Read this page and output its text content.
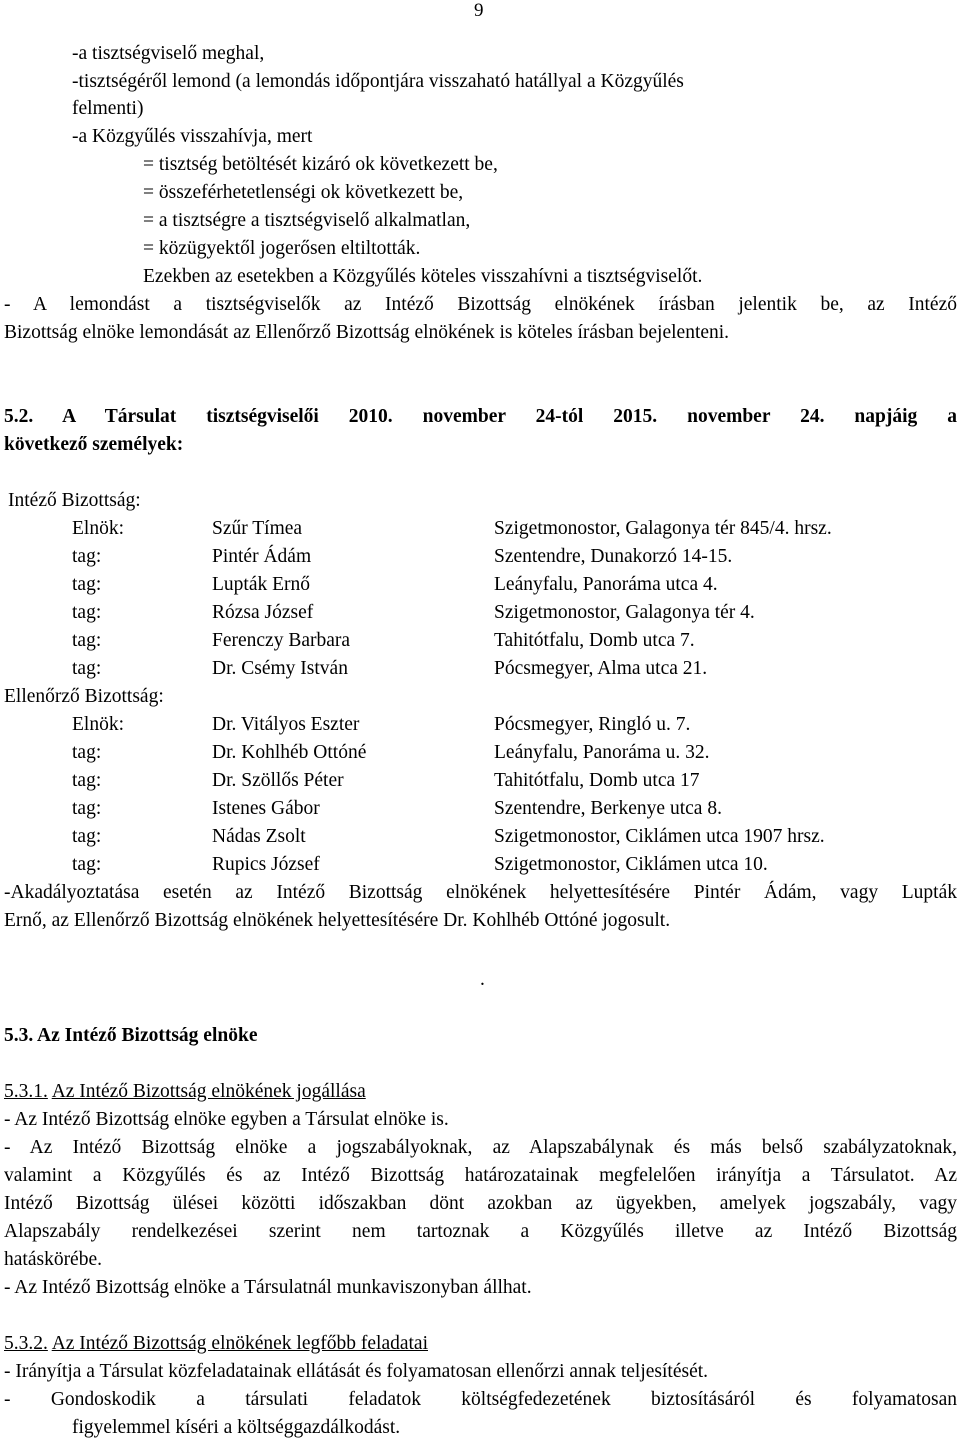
9
-a tisztségviselő meghal,
-tisztségéről lemond (a lemondás időpontjára visszaható hatállyal a Közgyűlés
felmenti)
-a Közgyűlés visszahívja, mert
= tisztség betöltését kizáró ok következett be,
= összeférhetetlenségi ok következett be,
= a tisztségre a tisztségviselő alkalmatlan,
= közügyektől jogerősen eltiltották.
Ezekben az esetekben a Közgyűlés köteles visszahívni a tisztségviselőt.
- A lemondást a tisztségviselők az Intéző Bizottság elnökének írásban jelentik be, az Intéző
Bizottság elnöke lemondását az Ellenőrző Bizottság elnökének is köteles írásban bejelenteni.
5.2. A Társulat tisztségviselői 2010. november 24-tól 2015. november 24. napjáig a
következő személyek:
Intéző Bizottság:
Elnök:	Szűr Tímea	Szigetmonostor, Galagonya tér 845/4. hrsz.
tag:	Pintér Ádám	Szentendre, Dunakorzó 14-15.
tag:	Lupták Ernő	Leányfalu, Panoráma utca 4.
tag:	Rózsa József	Szigetmonostor, Galagonya tér 4.
tag:	Ferenczy Barbara	Tahitótfalu, Domb utca 7.
tag:	Dr. Csémy István	Pócsmegyer, Alma utca 21.
Ellenőrző Bizottság:
Elnök:	Dr. Vitályos Eszter	Pócsmegyer, Ringló u. 7.
tag:	Dr. Kohlhéb Ottóné	Leányfalu, Panoráma u. 32.
tag:	Dr. Szöllős Péter	Tahitótfalu, Domb utca 17
tag:	Istenes Gábor	Szentendre, Berkenye utca 8.
tag:	Nádas Zsolt	Szigetmonostor, Ciklámen utca 1907 hrsz.
tag:	Rupics József	Szigetmonostor, Ciklámen utca 10.
-Akadályoztatása esetén az Intéző Bizottság elnökének helyettesítésére Pintér Ádám, vagy Lupták
Ernő, az Ellenőrző Bizottság elnökének helyettesítésére Dr. Kohlhéb Ottóné jogosult.
.
5.3. Az Intéző Bizottság elnöke
5.3.1. Az Intéző Bizottság elnökének jogállása
- Az Intéző Bizottság elnöke egyben a Társulat elnöke is.
- Az Intéző Bizottság elnöke a jogszabályoknak, az Alapszabálynak és más belső szabályzatoknak,
valamint a Közgyűlés és az Intéző Bizottság határozatainak megfelelően irányítja a Társulatot. Az
Intéző Bizottság ülései közötti időszakban dönt azokban az ügyekben, amelyek jogszabály, vagy
Alapszabály rendelkezései szerint nem tartoznak a Közgyűlés illetve az Intéző Bizottság
hatáskörébe.
- Az Intéző Bizottság elnöke a Társulatnál munkaviszonyban állhat.
5.3.2. Az Intéző Bizottság elnökének legfőbb feladatai
- Irányítja a Társulat közfeladatainak ellátását és folyamatosan ellenőrzi annak teljesítését.
- Gondoskodik a társulati feladatok költségfedezetének biztosításáról és folyamatosan
figyelemmel kíséri a költséggazdálkodást.
